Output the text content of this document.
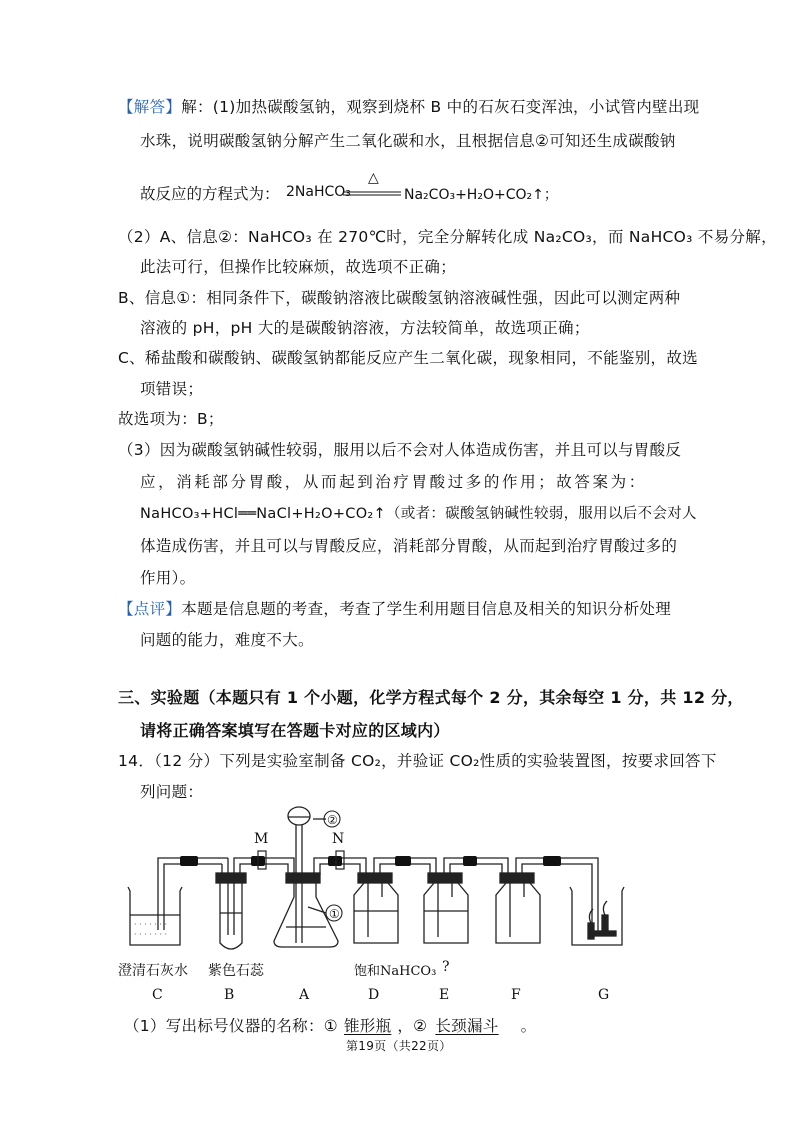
【解答】解：(1)加热碳酸氢钠，观察到烧杯 B 中的石灰石变浑浊，小试管内壁出现
水珠，说明碳酸氢钠分解产生二氧化碳和水，且根据信息②可知还生成碳酸钠
故反应的方程式为： 2NaHCO₃
△
Na₂CO₃+H₂O+CO₂↑；
（2）A、信息②：NaHCO₃ 在 270℃时，完全分解转化成 Na₂CO₃，而 NaHCO₃ 不易分解，
此法可行，但操作比较麻烦，故选项不正确；
B、信息①：相同条件下，碳酸钠溶液比碳酸氢钠溶液碱性强，因此可以测定两种
溶液的 pH，pH 大的是碳酸钠溶液，方法较简单，故选项正确；
C、稀盐酸和碳酸钠、碳酸氢钠都能反应产生二氧化碳，现象相同，不能鉴别，故选
项错误；
故选项为：B；
（3）因为碳酸氢钠碱性较弱，服用以后不会对人体造成伤害，并且可以与胃酸反
应，消耗部分胃酸，从而起到治疗胃酸过多的作用；故答案为：
NaHCO₃+HCl══NaCl+H₂O+CO₂↑（或者：碳酸氢钠碱性较弱，服用以后不会对人
体造成伤害，并且可以与胃酸反应，消耗部分胃酸，从而起到治疗胃酸过多的
作用）。
【点评】本题是信息题的考查，考查了学生利用题目信息及相关的知识分析处理
问题的能力，难度不大。
三、实验题（本题只有 1 个小题，化学方程式每个 2 分，其余每空 1 分，共 12 分，
请将正确答案填写在答题卡对应的区域内）
14．（12 分）下列是实验室制备 CO₂，并验证 CO₂性质的实验装置图，按要求回答下
列问题：
M	N
· · · · · · ·
· · · · · · ·
②
①
澄清石灰水 紫色石蕊	饱和NaHCO₃ ?
C	B	A	D	E	F	G
（1）写出标号仪器的名称：① 锥形瓶 ，② 长颈漏斗 。
第19页（共22页）
